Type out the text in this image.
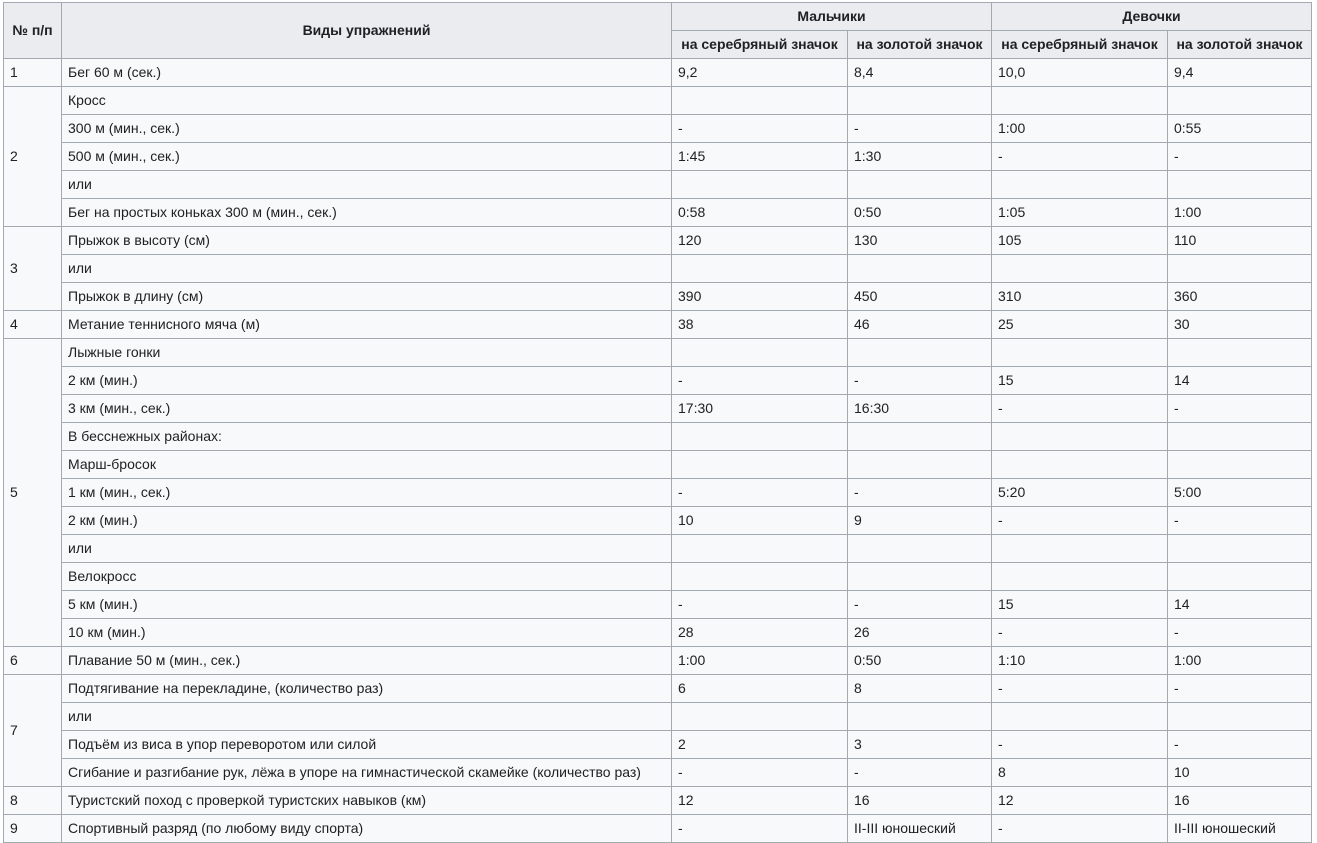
№ п/п	Виды упражнений	Мальчики		Девочки	
		на серебряный значок	на золотой значок	на серебряный значок	на золотой значок
1	Бег 60 м (сек.)	9,2	8,4	10,0	9,4
2	Кросс				
	300 м (мин., сек.)	-	-	1:00	0:55
	500 м (мин., сек.)	1:45	1:30	-	-
	или				
	Бег на простых коньках 300 м (мин., сек.)	0:58	0:50	1:05	1:00
3	Прыжок в высоту (см)	120	130	105	110
	или				
	Прыжок в длину (см)	390	450	310	360
4	Метание теннисного мяча (м)	38	46	25	30
5	Лыжные гонки				
	2 км (мин.)	-	-	15	14
	3 км (мин., сек.)	17:30	16:30	-	-
	В бесснежных районах:				
	Марш-бросок				
	1 км (мин., сек.)	-	-	5:20	5:00
	2 км (мин.)	10	9	-	-
	или				
	Велокросс				
	5 км (мин.)	-	-	15	14
	10 км (мин.)	28	26	-	-
6	Плавание 50 м (мин., сек.)	1:00	0:50	1:10	1:00
7	Подтягивание на перекладине, (количество раз)	6	8	-	-
	или				
	Подъём из виса в упор переворотом или силой	2	3	-	-
	Сгибание и разгибание рук, лёжа в упоре на гимнастической скамейке (количество раз)	-	-	8	10
8	Туристский поход с проверкой туристских навыков (км)	12	16	12	16
9	Спортивный разряд (по любому виду спорта)	-	II-III юношеский	-	II-III юношеский
